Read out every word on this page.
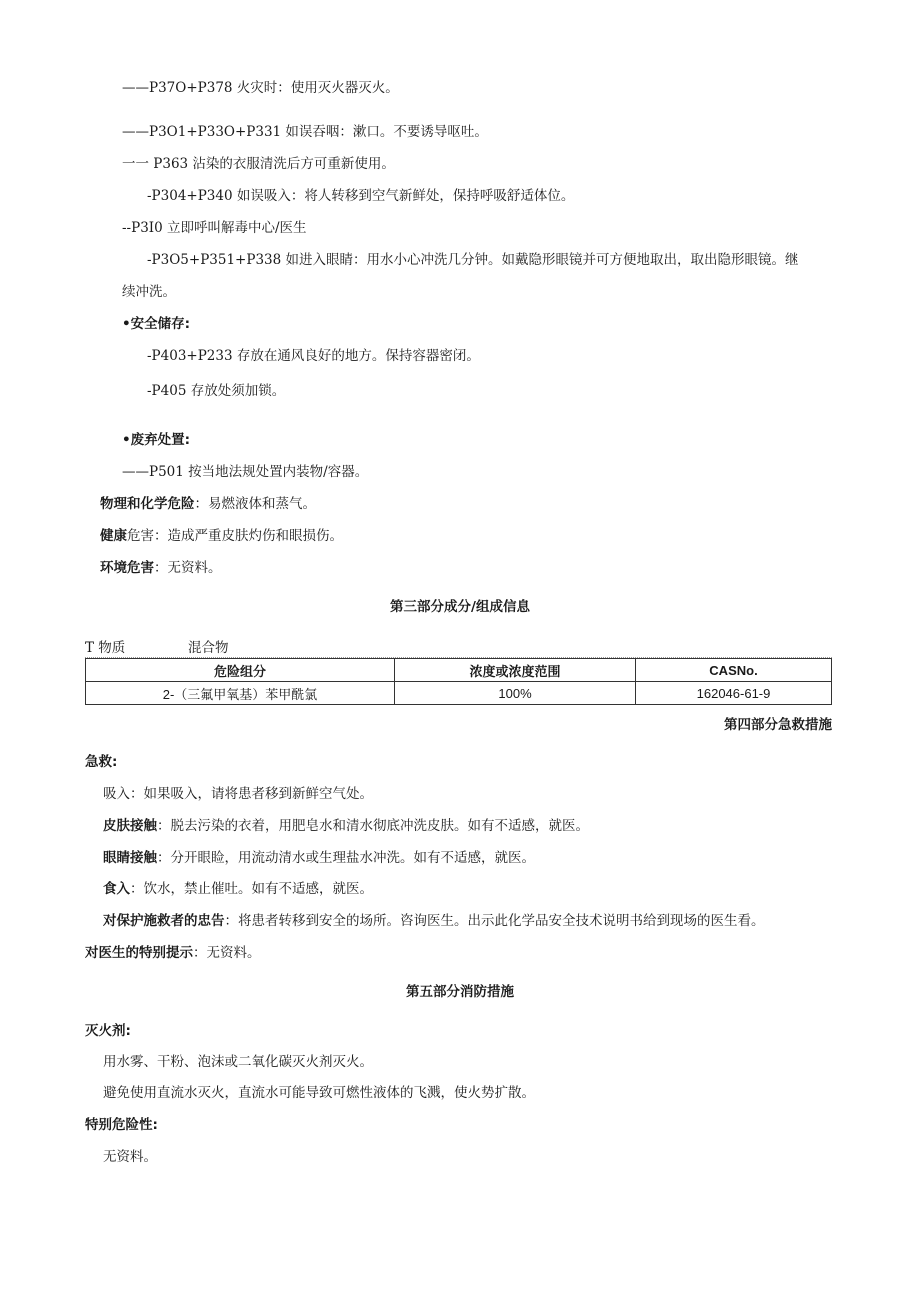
——P37O+P378 火灾时：使用灭火器灭火。
——P3O1+P33O+P331 如误吞咽：漱口。不要诱导呕吐。
一一 P363 沾染的衣服清洗后方可重新使用。
-P304+P340 如误吸入：将人转移到空气新鲜处，保持呼吸舒适体位。
--P3I0 立即呼叫解毒中心/医生
-P3O5+P351+P338 如进入眼睛：用水小心冲洗几分钟。如戴隐形眼镜并可方便地取出，取出隐形眼镜。继
续冲洗。
•安全储存:
-P403+P233 存放在通风良好的地方。保持容器密闭。
-P405 存放处须加锁。
•废弃处置:
——P501 按当地法规处置内装物/容器。
物理和化学危险：易燃液体和蒸气。
健康危害：造成严重皮肤灼伤和眼损伤。
环境危害：无资料。
第三部分成分/组成信息
T 物质	混合物
危险组分	浓度或浓度范围	CASNo.
2-（三氟甲氧基）苯甲酰氯	100%	162046-61-9
第四部分急救措施
急救:
吸入：如果吸入，请将患者移到新鲜空气处。
皮肤接触：脱去污染的衣着，用肥皂水和清水彻底冲洗皮肤。如有不适感，就医。
眼睛接触：分开眼睑，用流动清水或生理盐水冲洗。如有不适感，就医。
食入：饮水，禁止催吐。如有不适感，就医。
对保护施救者的忠告：将患者转移到安全的场所。咨询医生。出示此化学品安全技术说明书给到现场的医生看。
对医生的特别提示：无资料。
第五部分消防措施
灭火剂:
用水雾、干粉、泡沫或二氧化碳灭火剂灭火。
避免使用直流水灭火，直流水可能导致可燃性液体的飞溅，使火势扩散。
特别危险性:
无资料。
